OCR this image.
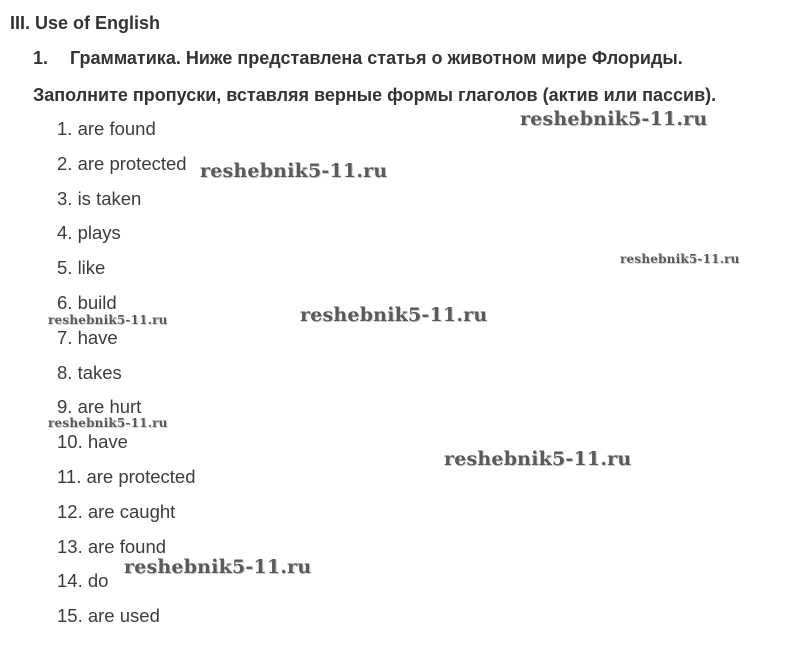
III. Use of English
1. Грамматика. Ниже представлена статья о животном мире Флориды.
Заполните пропуски, вставляя верные формы глаголов (актив или пассив).
1. are found
2. are protected
3. is taken
4. plays
5. like
6. build
7. have
8. takes
9. are hurt
10. have
11. are protected
12. are caught
13. are found
14. do
15. are used
reshebnik5-11.ru
reshebnik5-11.ru
reshebnik5-11.ru
reshebnik5-11.ru
reshebnik5-11.ru
reshebnik5-11.ru
reshebnik5-11.ru
reshebnik5-11.ru
